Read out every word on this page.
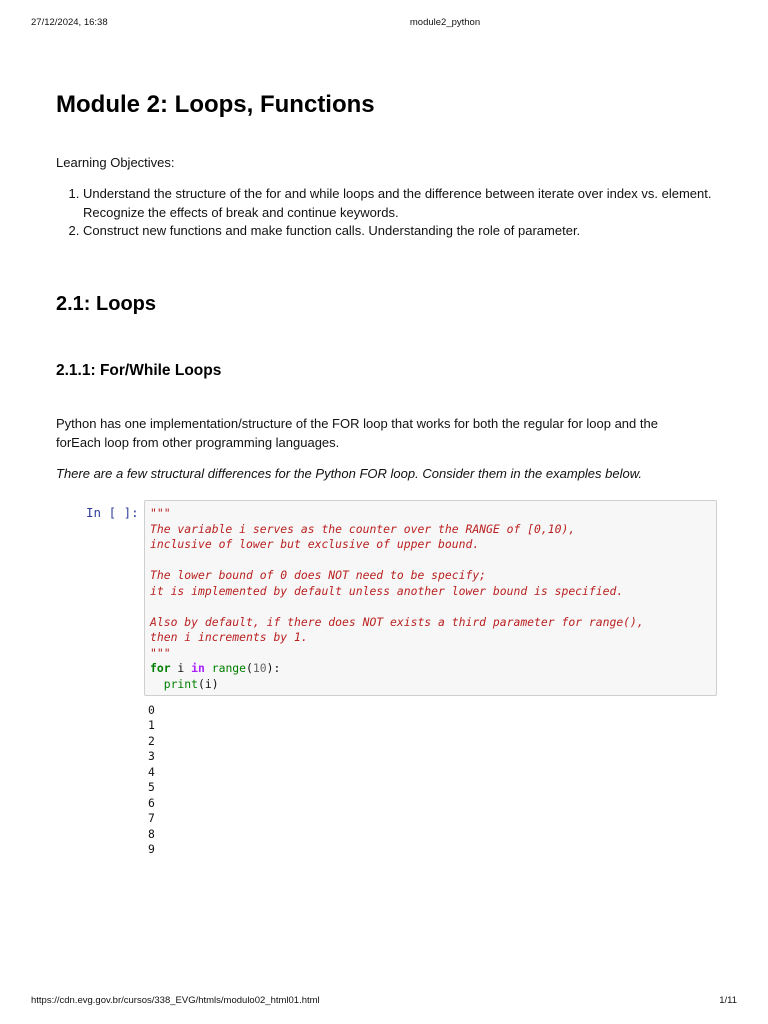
27/12/2024, 16:38	module2_python
Module 2: Loops, Functions

Learning Objectives:

1. Understand the structure of the for and while loops and the difference between iterate over index vs. element. Recognize the effects of break and continue keywords.
2. Construct new functions and make function calls. Understanding the role of parameter.
2.1: Loops
2.1.1: For/While Loops

Python has one implementation/structure of the FOR loop that works for both the regular for loop and the forEach loop from other programming languages.

There are a few structural differences for the Python FOR loop. Consider them in the examples below.

In [ ]: """
The variable i serves as the counter over the RANGE of [0,10),
inclusive of lower but exclusive of upper bound.

The lower bound of 0 does NOT need to be specify;
it is implemented by default unless another lower bound is specified.

Also by default, if there does NOT exists a third parameter for range(),
then i increments by 1.
"""
for i in range(10):
print(i)
0
1
2
3
4
5
6
7
8
9
https://cdn.evg.gov.br/cursos/338_EVG/htmls/modulo02_html01.html	1/11
